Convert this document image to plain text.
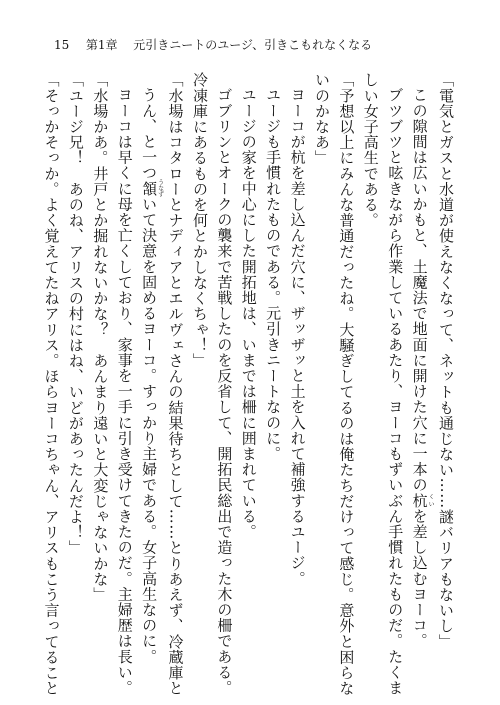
15 第1章 元引きニートのユージ、引きこもれなくなる
「電気とガスと水道が使えなくなって、ネットも通じない……謎バリアもないし」
この隙間は広いかもと、土魔法で地面に開けた穴に一本の杭くいを差し込むヨーコ。
ブツブツと呟きながら作業しているあたり、ヨーコもずいぶん手慣れたものだ。たくま
しい女子高生である。
「予想以上にみんな普通だったね。大騒ぎしてるのは俺たちだけって感じ。意外と困らな
いのかなあ」
ヨーコが杭を差し込んだ穴に、ザッザッと土を入れて補強するユージ。
ユージも手慣れたものである。元引きニートなのに。
ユージの家を中心にした開拓地は、いまでは柵に囲まれている。
ゴブリンとオークの襲来で苦戦したのを反省して、開拓民総出で造った木の柵である。
冷凍庫にあるものを何とかしなくちゃ！」
「水場はコタローとナディアとエルヴェさんの結果待ちとして……とりあえず、冷蔵庫と
うん、と一つ頷うなずいて決意を固めるヨーコ。すっかり主婦である。女子高生なのに。
ヨーコは早くに母を亡くしており、家事を一手に引き受けてきたのだ。主婦歴は長い。
「水場かあ。井戸とか掘れないかな？　あんまり遠いと大変じゃないかな」
「ユージ兄！　あのね、アリスの村にはね、いどがあったんだよ！」
「そっかそっか。よく覚えてたねアリス。ほらヨーコちゃん、アリスもこう言ってること
